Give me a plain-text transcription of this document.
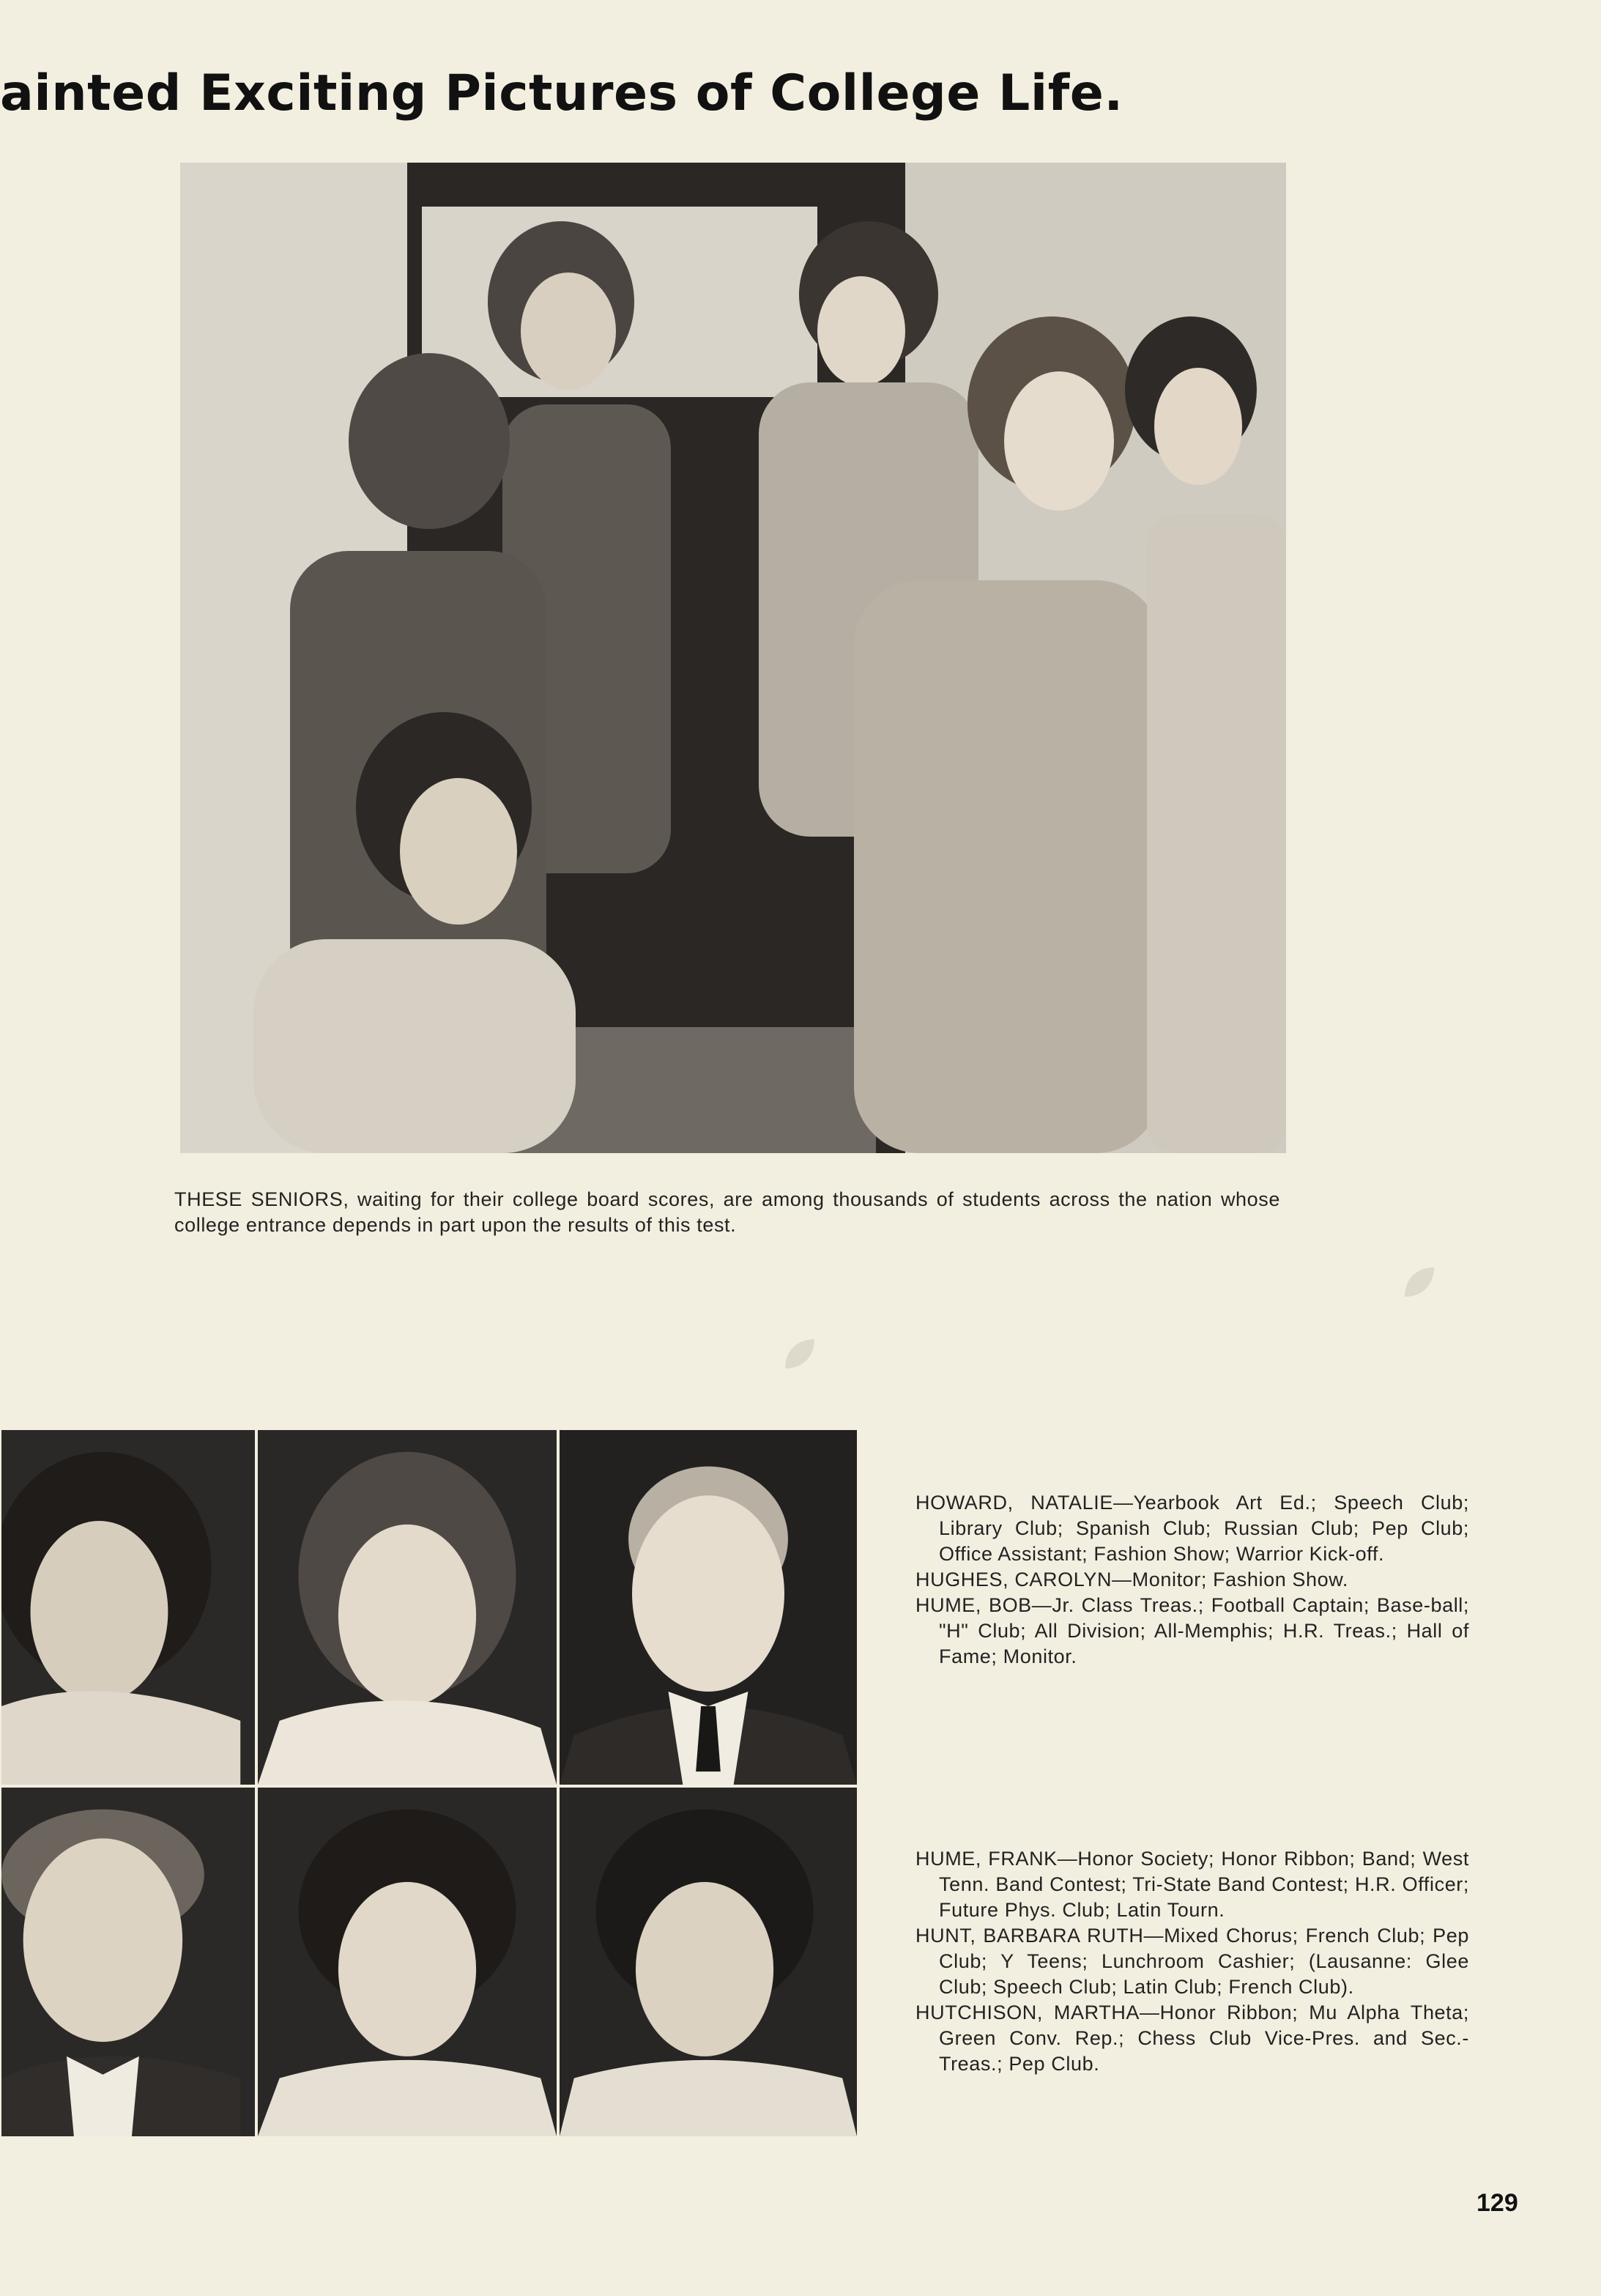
ainted Exciting Pictures of College Life.

THESE SENIORS, waiting for their college board scores, are among thousands of students across the nation whose college entrance depends in part upon the results of this test.

HOWARD, NATALIE—Yearbook Art Ed.; Speech Club; Library Club; Spanish Club; Russian Club; Pep Club; Office Assistant; Fashion Show; Warrior Kick-off.

HUGHES, CAROLYN—Monitor; Fashion Show.

HUME, BOB—Jr. Class Treas.; Football Captain; Base-ball; "H" Club; All Division; All-Memphis; H.R. Treas.; Hall of Fame; Monitor.

HUME, FRANK—Honor Society; Honor Ribbon; Band; West Tenn. Band Contest; Tri-State Band Contest; H.R. Officer; Future Phys. Club; Latin Tourn.

HUNT, BARBARA RUTH—Mixed Chorus; French Club; Pep Club; Y Teens; Lunchroom Cashier; (Lausanne: Glee Club; Speech Club; Latin Club; French Club).

HUTCHISON, MARTHA—Honor Ribbon; Mu Alpha Theta; Green Conv. Rep.; Chess Club Vice-Pres. and Sec.-Treas.; Pep Club.

129
